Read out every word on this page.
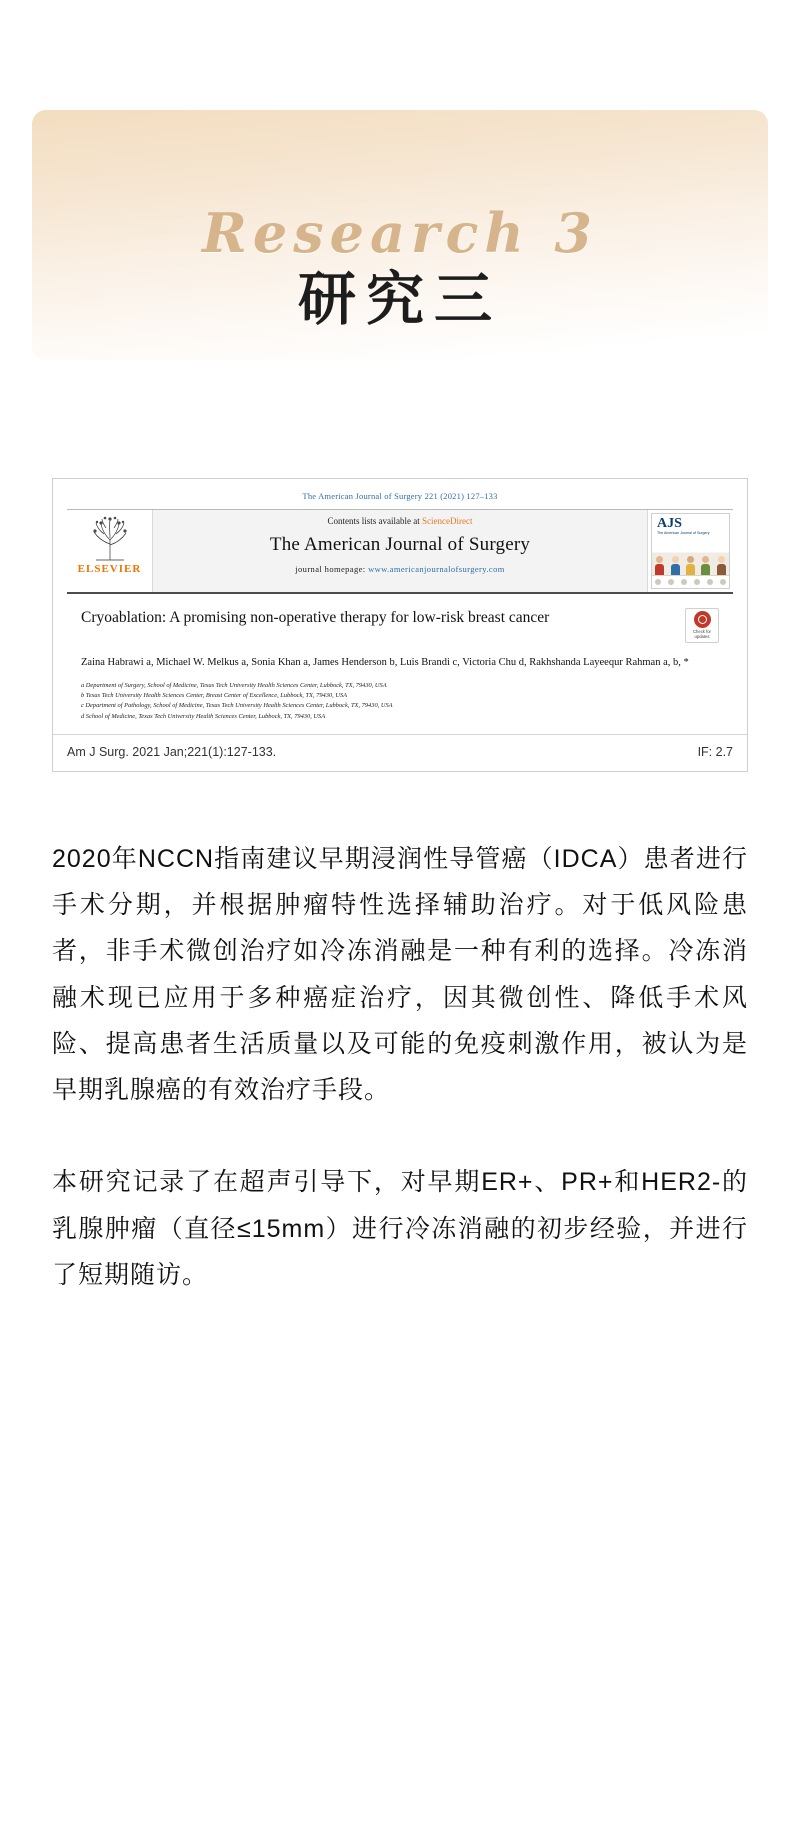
Research 3
研究三
The American Journal of Surgery 221 (2021) 127–133
ELSEVIER
Contents lists available at ScienceDirect
The American Journal of Surgery
journal homepage: www.americanjournalofsurgery.com
AJS
The American Journal of Surgery
Cryoablation: A promising non-operative therapy for low-risk breast cancer
Check for updates
Zaina Habrawi a, Michael W. Melkus a, Sonia Khan a, James Henderson b, Luis Brandi c, Victoria Chu d, Rakhshanda Layeequr Rahman a, b, *
a Department of Surgery, School of Medicine, Texas Tech University Health Sciences Center, Lubbock, TX, 79430, USA
b Texas Tech University Health Sciences Center, Breast Center of Excellence, Lubbock, TX, 79430, USA
c Department of Pathology, School of Medicine, Texas Tech University Health Sciences Center, Lubbock, TX, 79430, USA
d School of Medicine, Texas Tech University Health Sciences Center, Lubbock, TX, 79430, USA
Am J Surg. 2021 Jan;221(1):127-133.	IF: 2.7

2020年NCCN指南建议早期浸润性导管癌（IDCA）患者进行手术分期，并根据肿瘤特性选择辅助治疗。对于低风险患者，非手术微创治疗如冷冻消融是一种有利的选择。冷冻消融术现已应用于多种癌症治疗，因其微创性、降低手术风险、提高患者生活质量以及可能的免疫刺激作用，被认为是早期乳腺癌的有效治疗手段。

本研究记录了在超声引导下，对早期ER+、PR+和HER2-的乳腺肿瘤（直径≤15mm）进行冷冻消融的初步经验，并进行了短期随访。
